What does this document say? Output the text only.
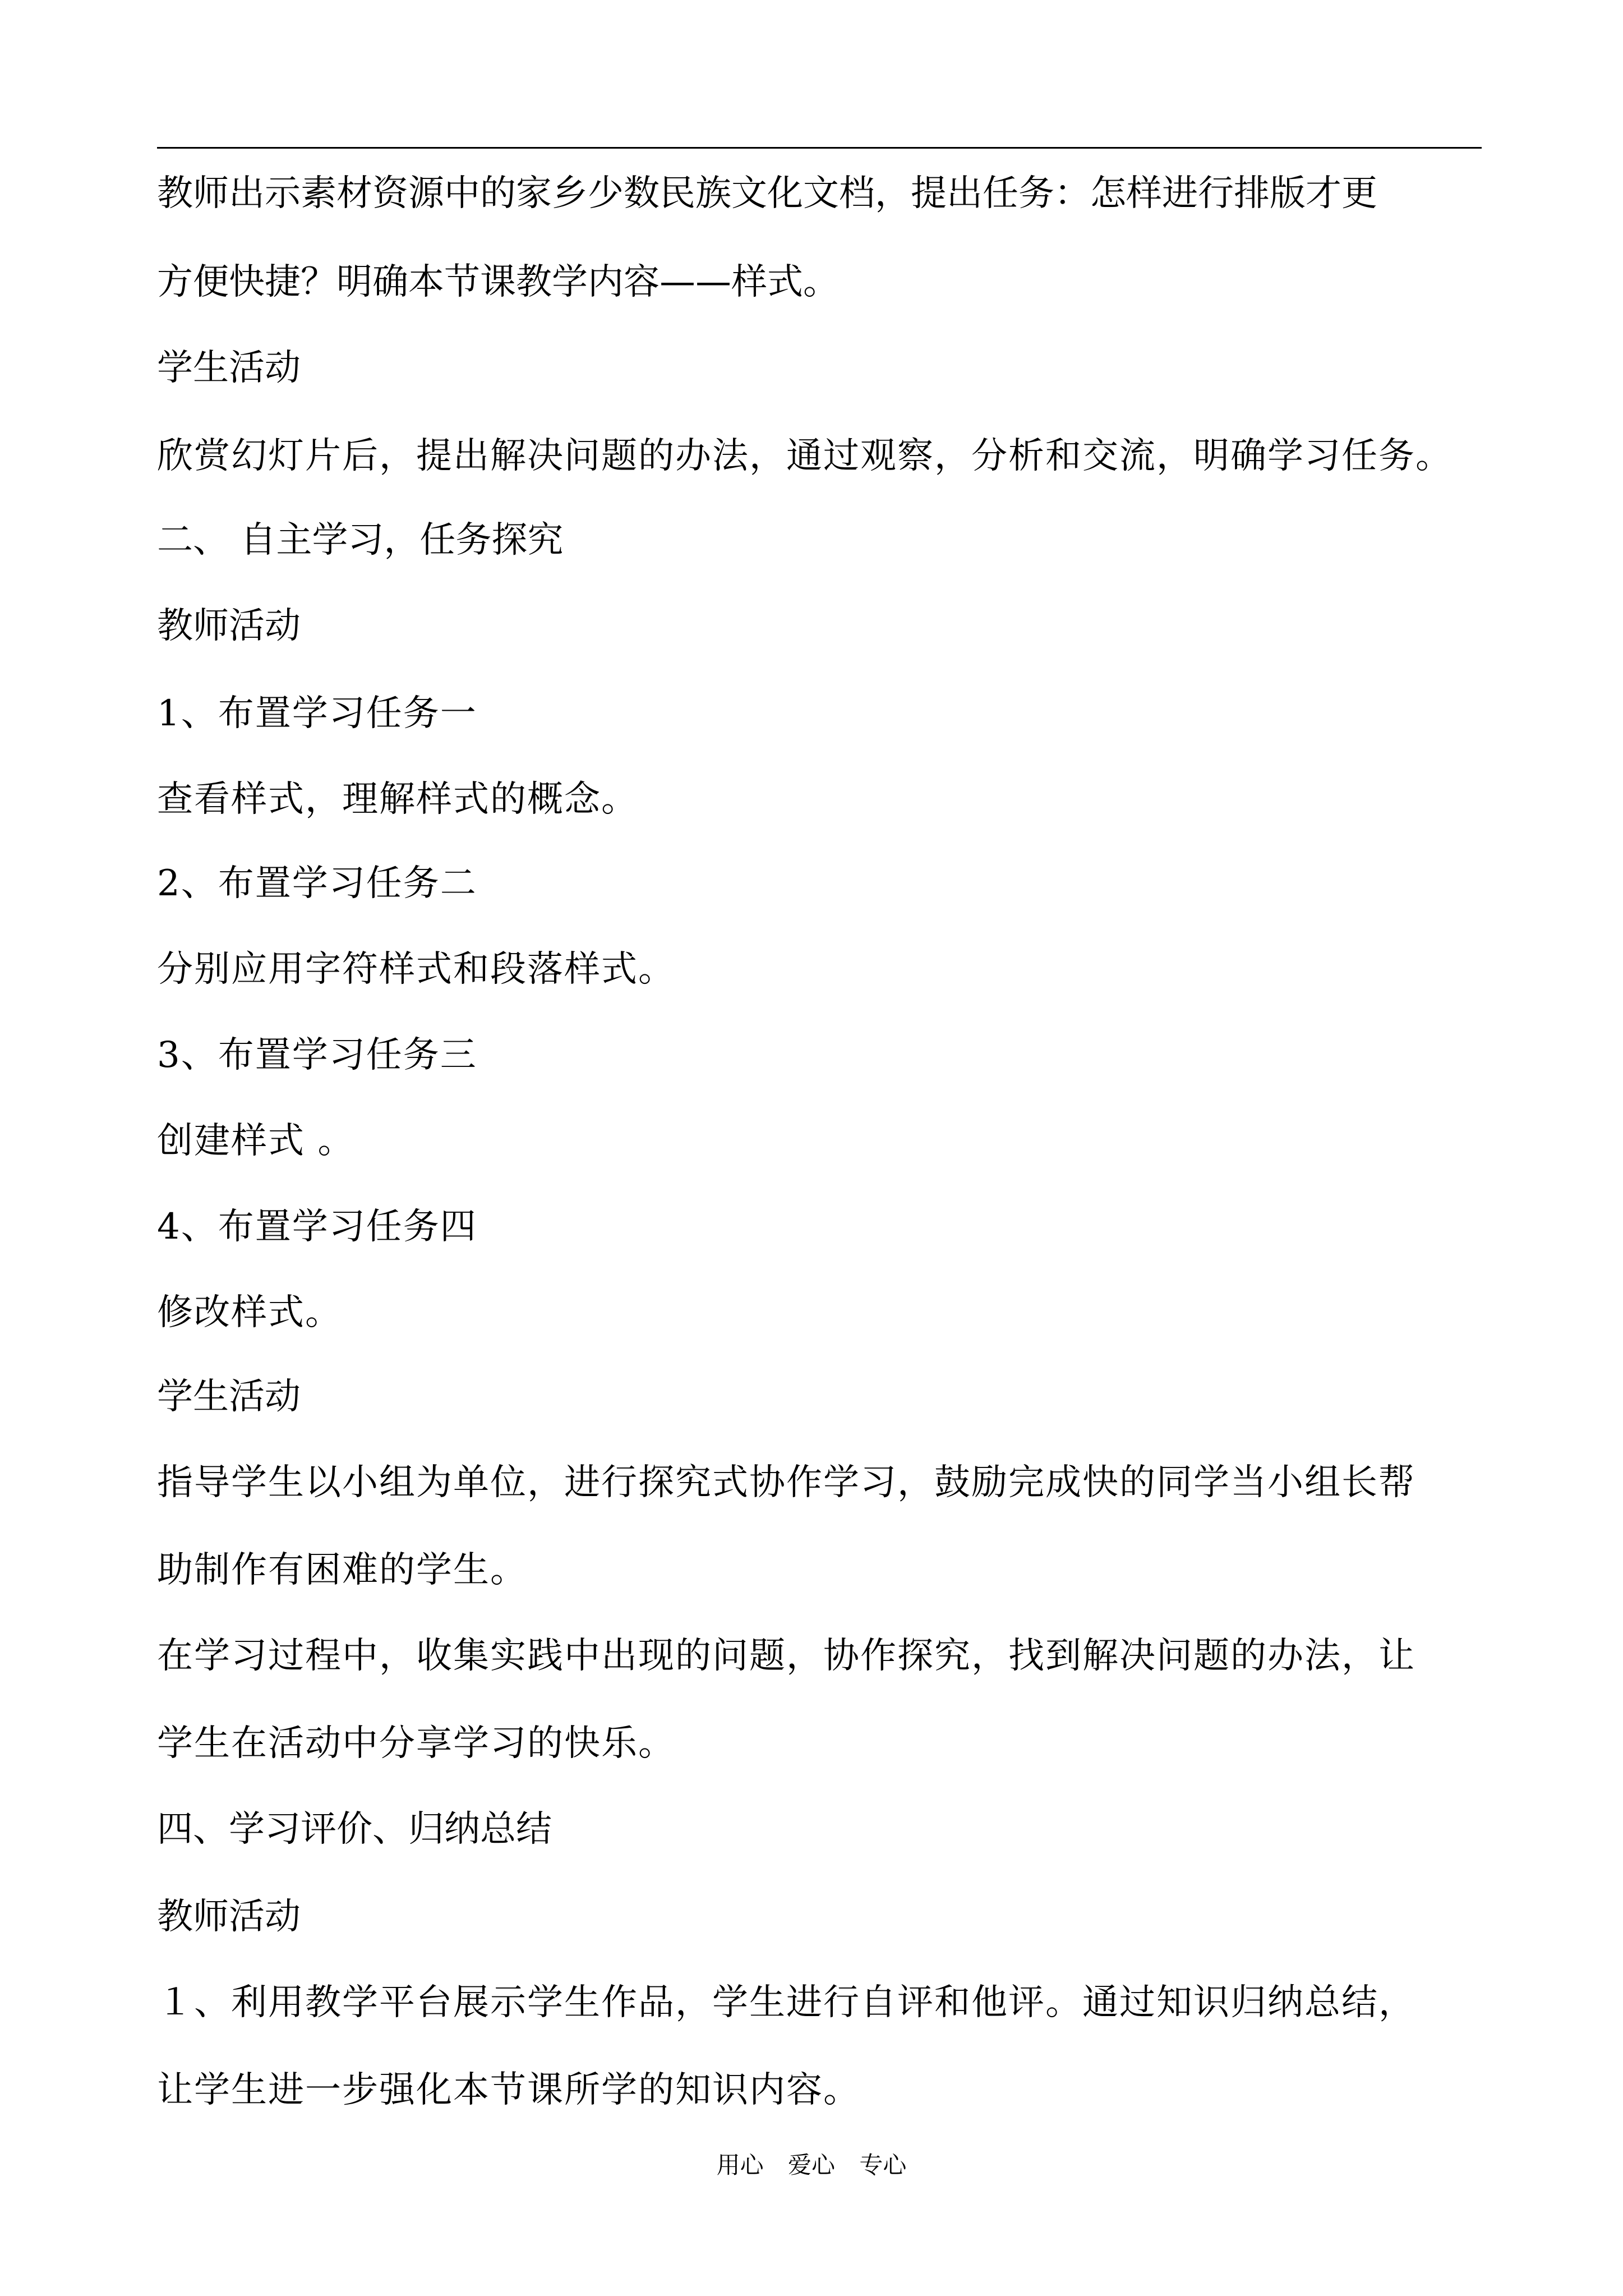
教师出示素材资源中的家乡少数民族文化文档，提出任务：怎样进行排版才更
方便快捷？明确本节课教学内容——样式。
学生活动
欣赏幻灯片后，提出解决问题的办法，通过观察，分析和交流，明确学习任务。
二、 自主学习，任务探究
教师活动
1、布置学习任务一
查看样式，理解样式的概念。
2、布置学习任务二
分别应用字符样式和段落样式。
3、布置学习任务三
创建样式 。
4、布置学习任务四
修改样式。
学生活动
指导学生以小组为单位，进行探究式协作学习，鼓励完成快的同学当小组长帮
助制作有困难的学生。
在学习过程中，收集实践中出现的问题，协作探究，找到解决问题的办法，让
学生在活动中分享学习的快乐。
四、学习评价、归纳总结
教师活动
１、利用教学平台展示学生作品，学生进行自评和他评。通过知识归纳总结，
让学生进一步强化本节课所学的知识内容。
用心 爱心 专心
